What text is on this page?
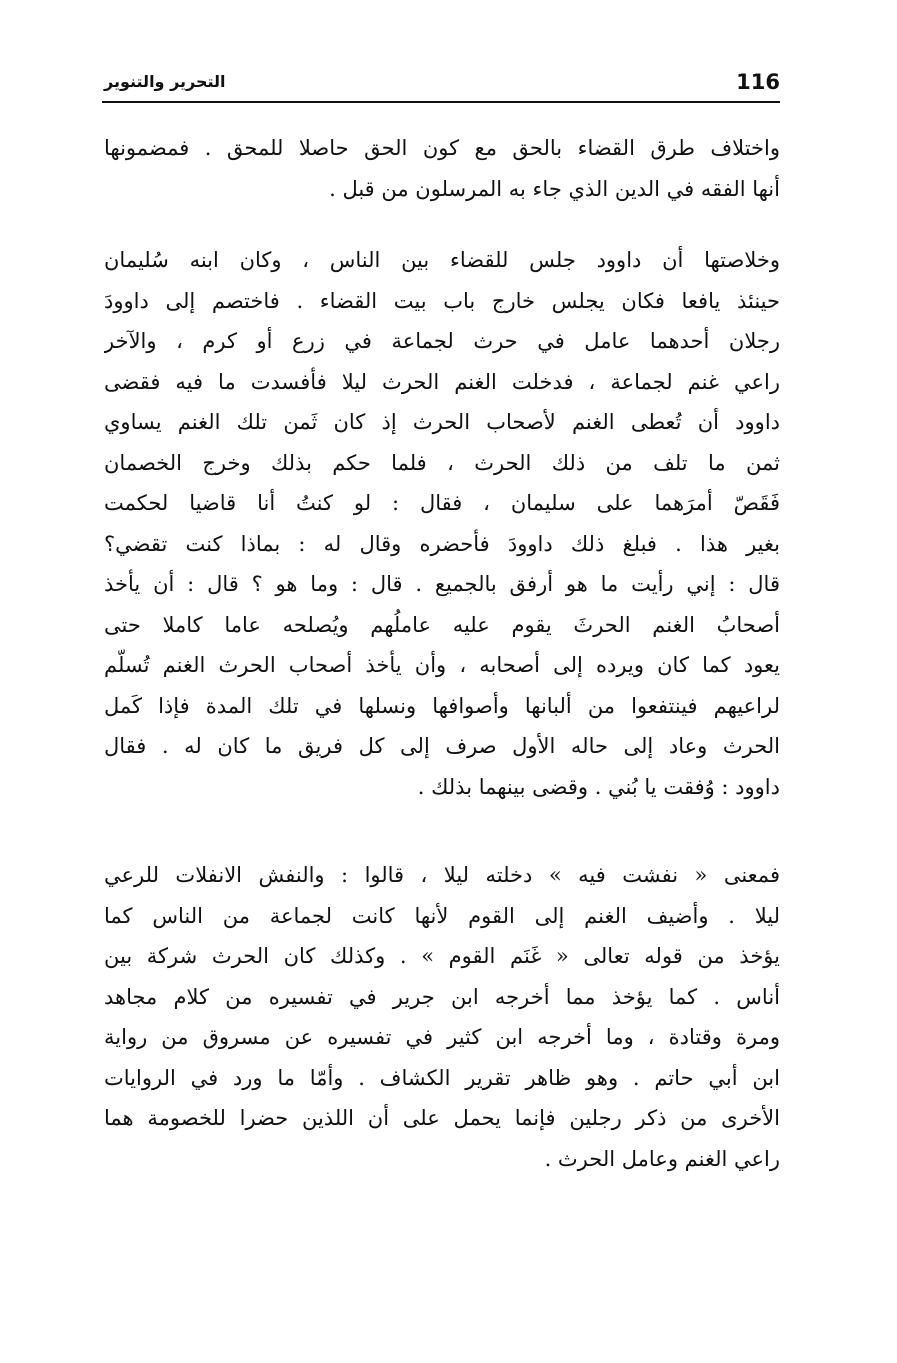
116
التحرير والتنوير
واختلاف طرق القضاء بالحق مع كون الحق حاصلا للمحق . فمضمونها
أنها الفقه في الدين الذي جاء به المرسلون من قبل .
وخلاصتها أن داوود جلس للقضاء بين الناس ، وكان ابنه سُليمان
حينئذ يافعا فكان يجلس خارج باب بيت القضاء . فاختصم إلى داوودَ
رجلان أحدهما عامل في حرث لجماعة في زرع أو كرم ، والآخر
راعي غنم لجماعة ، فدخلت الغنم الحرث ليلا فأفسدت ما فيه فقضى
داوود أن تُعطى الغنم لأصحاب الحرث إذ كان ثَمن تلك الغنم يساوي
ثمن ما تلف من ذلك الحرث ، فلما حكم بذلك وخرج الخصمان
فَقَصّ أمرَهما على سليمان ، فقال : لو كنتُ أنا قاضيا لحكمت
بغير هذا . فبلغ ذلك داوودَ فأحضره وقال له : بماذا كنت تقضي؟
قال : إني رأيت ما هو أرفق بالجميع . قال : وما هو ؟ قال : أن يأخذ
أصحابُ الغنم الحرثَ يقوم عليه عاملُهم ويُصلحه عاما كاملا حتى
يعود كما كان ويرده إلى أصحابه ، وأن يأخذ أصحاب الحرث الغنم تُسلّم
لراعيهم فينتفعوا من ألبانها وأصوافها ونسلها في تلك المدة فإذا كَمل
الحرث وعاد إلى حاله الأول صرف إلى كل فريق ما كان له . فقال
داوود : وُفقت يا بُني . وقضى بينهما بذلك .
فمعنى « نفشت فيه » دخلته ليلا ، قالوا : والنفش الانفلات للرعي
ليلا . وأضيف الغنم إلى القوم لأنها كانت لجماعة من الناس كما
يؤخذ من قوله تعالى « غَنَم القوم » . وكذلك كان الحرث شركة بين
أناس . كما يؤخذ مما أخرجه ابن جرير في تفسيره من كلام مجاهد
ومرة وقتادة ، وما أخرجه ابن كثير في تفسيره عن مسروق من رواية
ابن أبي حاتم . وهو ظاهر تقرير الكشاف . وأمّا ما ورد في الروايات
الأخرى من ذكر رجلين فإنما يحمل على أن اللذين حضرا للخصومة هما
راعي الغنم وعامل الحرث .
